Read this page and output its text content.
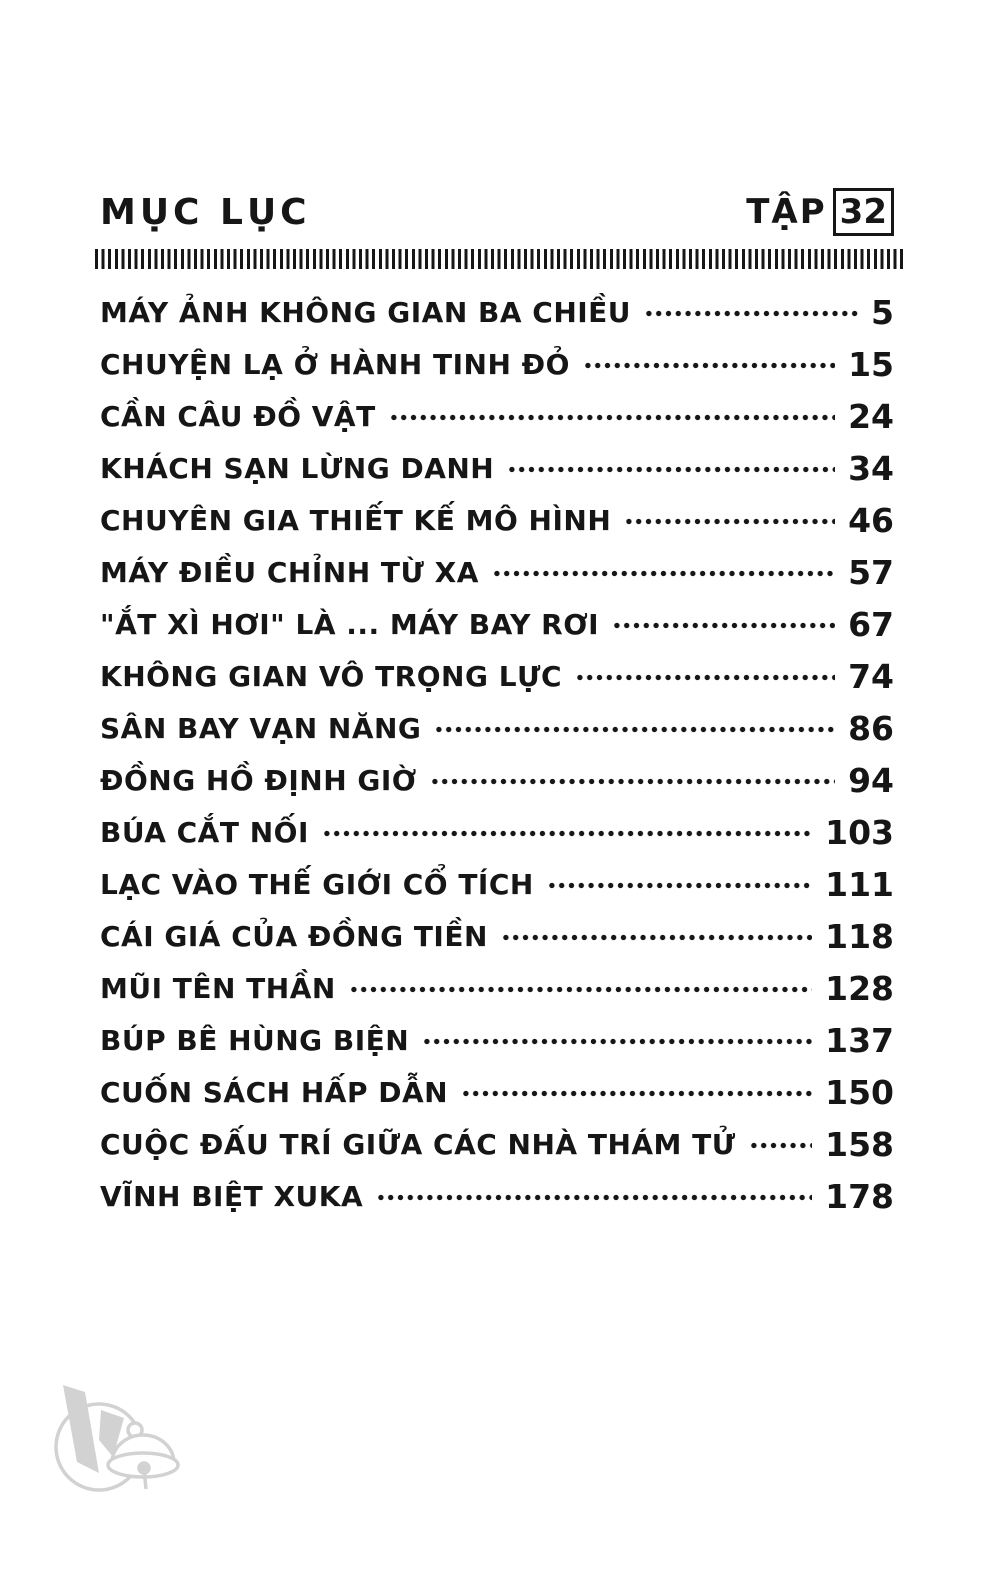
MỤC LỤC	TẬP 32
MÁY ẢNH KHÔNG GIAN BA CHIỀU	5
CHUYỆN LẠ Ở HÀNH TINH ĐỎ	15
CẦN CÂU ĐỒ VẬT	24
KHÁCH SẠN LỪNG DANH	34
CHUYÊN GIA THIẾT KẾ MÔ HÌNH	46
MÁY ĐIỀU CHỈNH TỪ XA	57
"ẮT XÌ HƠI" LÀ ... MÁY BAY RƠI	67
KHÔNG GIAN VÔ TRỌNG LỰC	74
SÂN BAY VẠN NĂNG	86
ĐỒNG HỒ ĐỊNH GIỜ	94
BÚA CẮT NỐI	103
LẠC VÀO THẾ GIỚI CỔ TÍCH	111
CÁI GIÁ CỦA ĐỒNG TIỀN	118
MŨI TÊN THẦN	128
BÚP BÊ HÙNG BIỆN	137
CUỐN SÁCH HẤP DẪN	150
CUỘC ĐẤU TRÍ GIỮA CÁC NHÀ THÁM TỬ	158
VĨNH BIỆT XUKA	178
